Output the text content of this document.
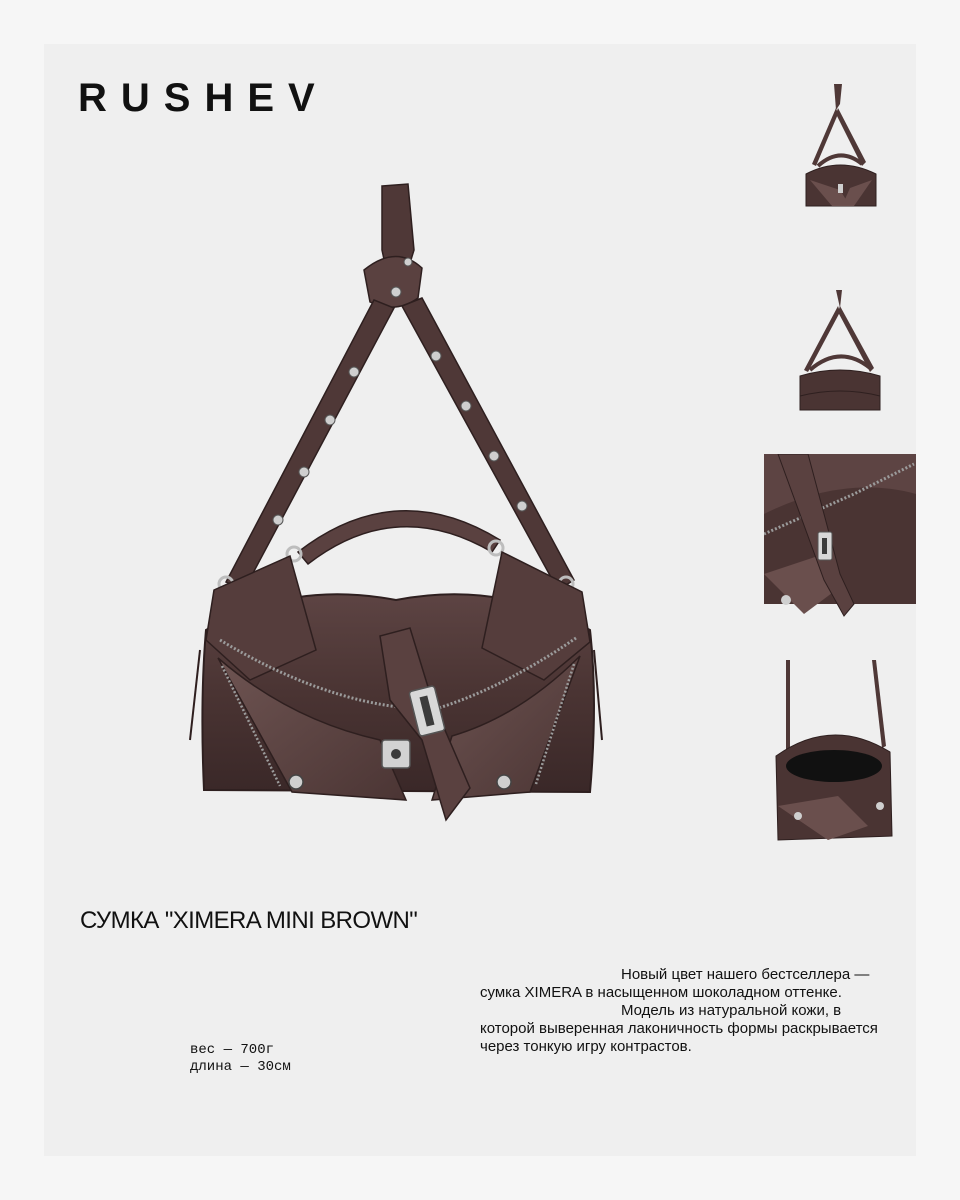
RUSHEV
СУМКА "XIMERA MINI BROWN"
вес — 700г
длина — 30см

Новый цвет нашего бестселлера — сумка XIMERA в насыщенном шоколадном оттенке.

Модель из натуральной кожи, в которой выверенная лаконичность формы раскрывается через тонкую игру контрастов.
